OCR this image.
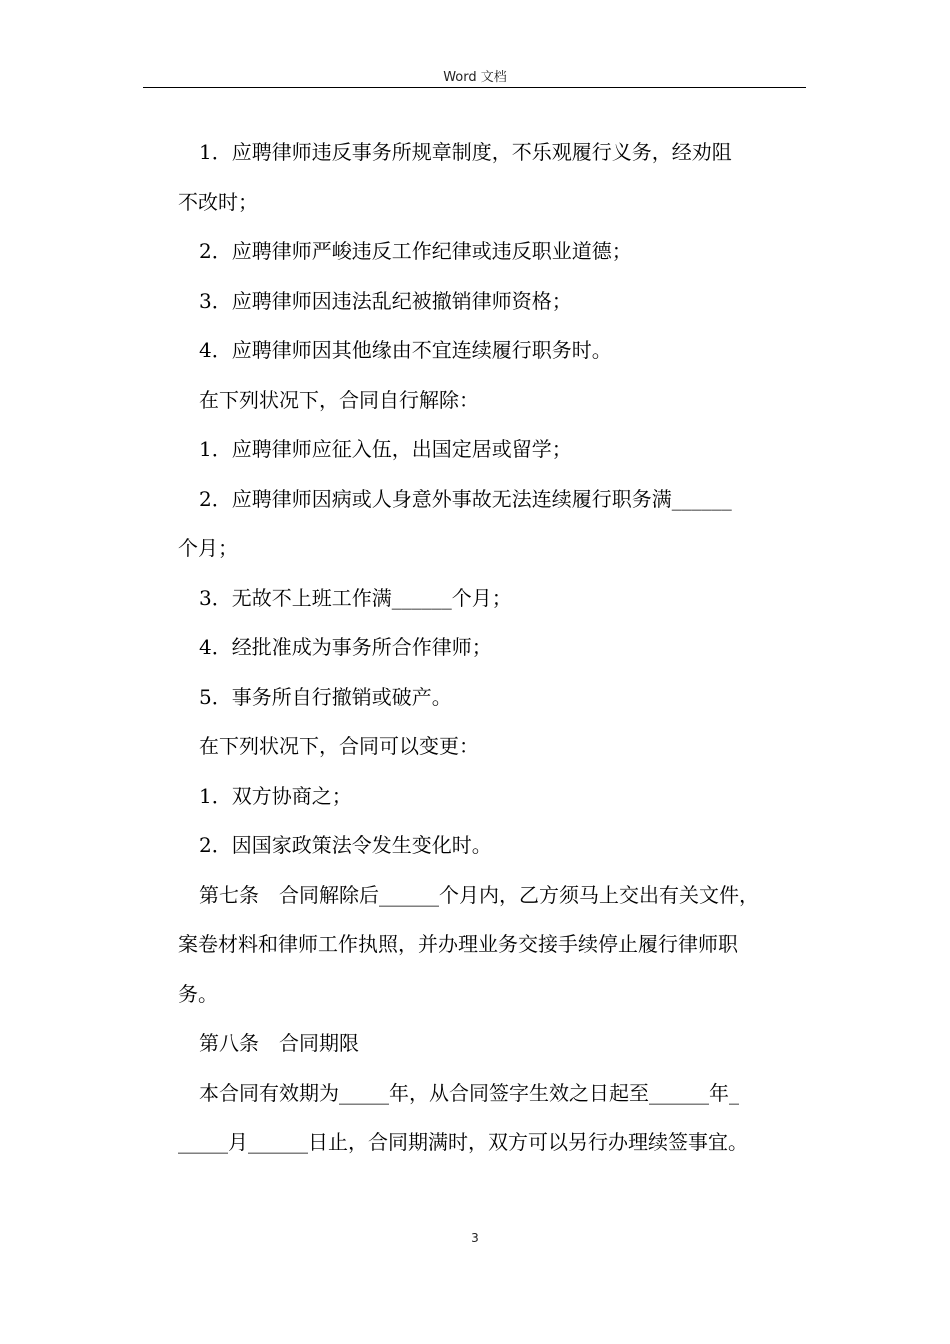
Word 文档
1．应聘律师违反事务所规章制度，不乐观履行义务，经劝阻
不改时；
2．应聘律师严峻违反工作纪律或违反职业道德；
3．应聘律师因违法乱纪被撤销律师资格；
4．应聘律师因其他缘由不宜连续履行职务时。
在下列状况下，合同自行解除：
1．应聘律师应征入伍，出国定居或留学；
2．应聘律师因病或人身意外事故无法连续履行职务满______
个月；
3．无故不上班工作满______个月；
4．经批准成为事务所合作律师；
5．事务所自行撤销或破产。
在下列状况下，合同可以变更：
1．双方协商之；
2．因国家政策法令发生变化时。
第七条　合同解除后______个月内，乙方须马上交出有关文件，
案卷材料和律师工作执照，并办理业务交接手续停止履行律师职
务。
第八条　合同期限
本合同有效期为_____年，从合同签字生效之日起至______年_
_____月______日止，合同期满时，双方可以另行办理续签事宜。
3
